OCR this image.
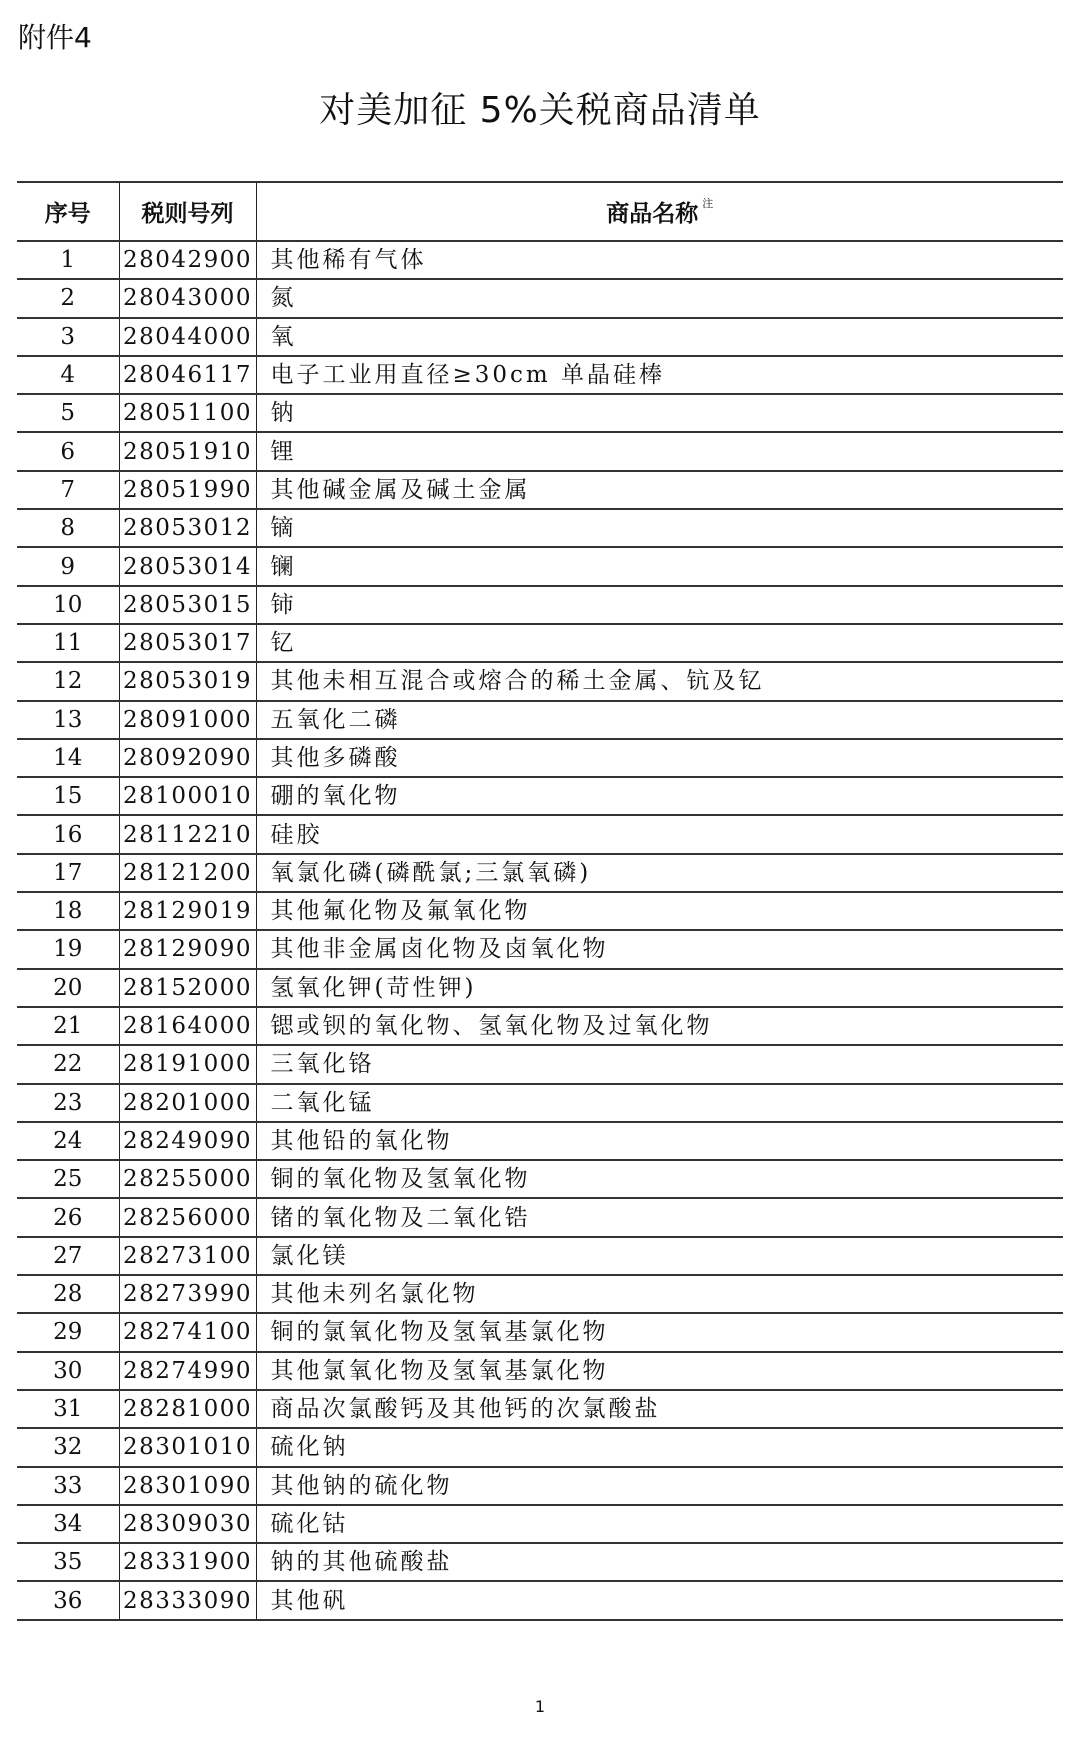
附件4
对美加征 5%关税商品清单
序号	税则号列	商品名称 $^注$
1	28042900	其他稀有气体
2	28043000	氮
3	28044000	氧
4	28046117	电子工业用直径≥30cm 单晶硅棒
5	28051100	钠
6	28051910	锂
7	28051990	其他碱金属及碱土金属
8	28053012	镝
9	28053014	镧
10	28053015	铈
11	28053017	钇
12	28053019	其他未相互混合或熔合的稀土金属、钪及钇
13	28091000	五氧化二磷
14	28092090	其他多磷酸
15	28100010	硼的氧化物
16	28112210	硅胶
17	28121200	氧氯化磷(磷酰氯;三氯氧磷)
18	28129019	其他氟化物及氟氧化物
19	28129090	其他非金属卤化物及卤氧化物
20	28152000	氢氧化钾(苛性钾)
21	28164000	锶或钡的氧化物、氢氧化物及过氧化物
22	28191000	三氧化铬
23	28201000	二氧化锰
24	28249090	其他铅的氧化物
25	28255000	铜的氧化物及氢氧化物
26	28256000	锗的氧化物及二氧化锆
27	28273100	氯化镁
28	28273990	其他未列名氯化物
29	28274100	铜的氯氧化物及氢氧基氯化物
30	28274990	其他氯氧化物及氢氧基氯化物
31	28281000	商品次氯酸钙及其他钙的次氯酸盐
32	28301010	硫化钠
33	28301090	其他钠的硫化物
34	28309030	硫化钴
35	28331900	钠的其他硫酸盐
36	28333090	其他矾
1
